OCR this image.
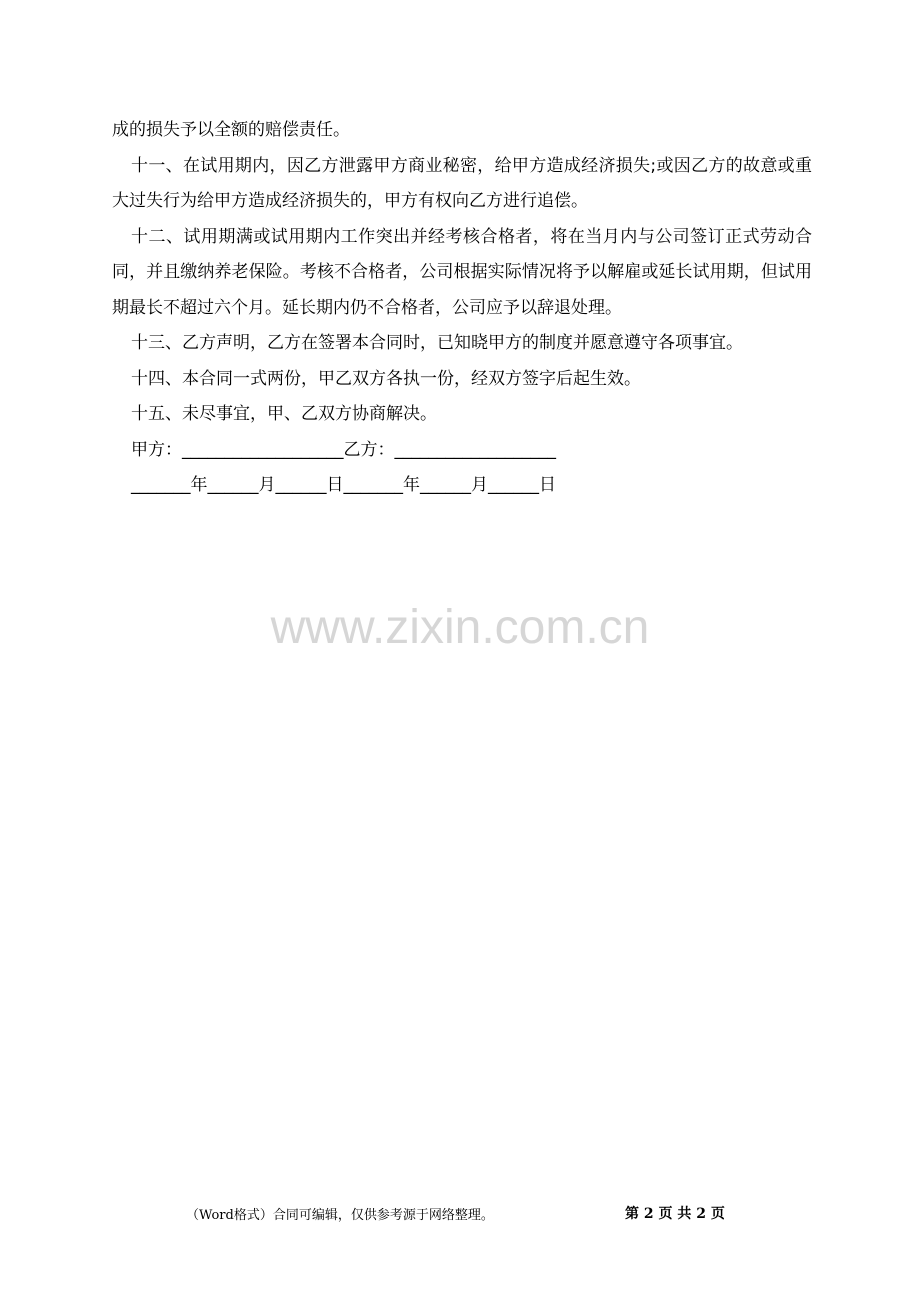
成的损失予以全额的赔偿责任。

十一、在试用期内，因乙方泄露甲方商业秘密，给甲方造成经济损失;或因乙方的故意或重大过失行为给甲方造成经济损失的，甲方有权向乙方进行追偿。

十二、试用期满或试用期内工作突出并经考核合格者，将在当月内与公司签订正式劳动合同，并且缴纳养老保险。考核不合格者，公司根据实际情况将予以解雇或延长试用期，但试用期最长不超过六个月。延长期内仍不合格者，公司应予以辞退处理。

十三、乙方声明，乙方在签署本合同时，已知晓甲方的制度并愿意遵守各项事宜。

十四、本合同一式两份，甲乙双方各执一份，经双方签字后起生效。

十五、未尽事宜，甲、乙双方协商解决。

甲方：___________________乙方：___________________

_______年______月______日_______年______月______日

www.zixin.com.cn
（Word格式）合同可编辑，仅供参考源于网络整理。	第 2 页 共 2 页
